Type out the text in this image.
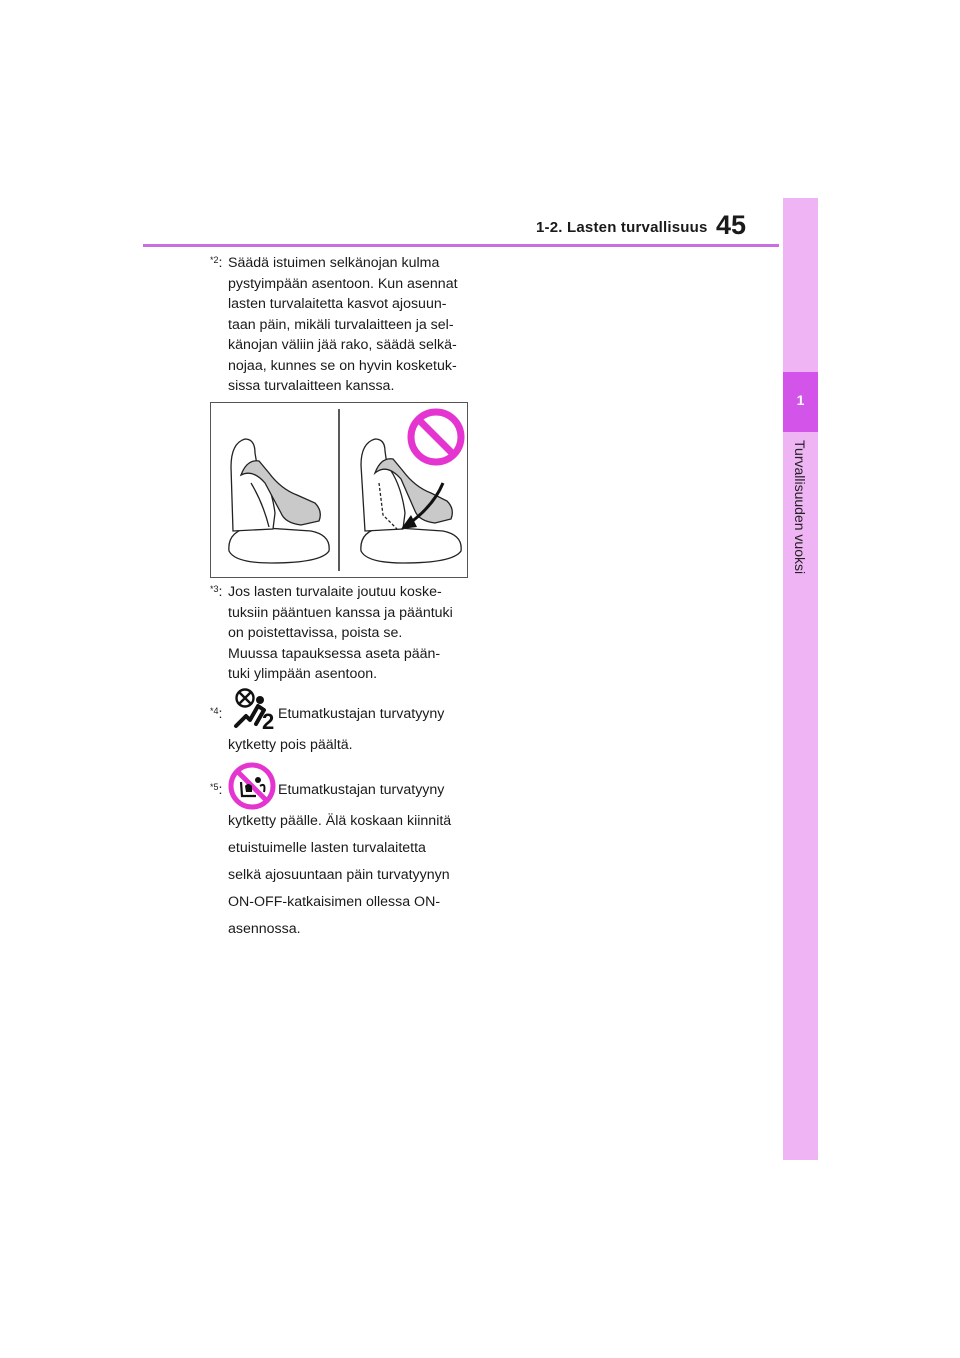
1-2. Lasten turvallisuus 45
1
Turvallisuuden vuoksi
$^{*2}$: Säädä istuimen selkänojan kulma
pystyimpään asentoon. Kun asennat
lasten turvalaitetta kasvot ajosuun-
taan päin, mikäli turvalaitteen ja sel-
känojan väliin jää rako, säädä selkä-
nojaa, kunnes se on hyvin kosketuk-
sissa turvalaitteen kanssa.
$^{*3}$: Jos lasten turvalaite joutuu koske-
tuksiin pääntuen kanssa ja pääntuki
on poistettavissa, poista se.
Muussa tapauksessa aseta pään-
tuki ylimpään asentoon.
$^{*4}$: 2 Etumatkustajan turvatyyny
kytketty pois päältä.
$^{*5}$:	Etumatkustajan turvatyyny
kytketty päälle. Älä koskaan kiinnitä
etuistuimelle lasten turvalaitetta
selkä ajosuuntaan päin turvatyynyn
ON-OFF-katkaisimen ollessa ON-
asennossa.
